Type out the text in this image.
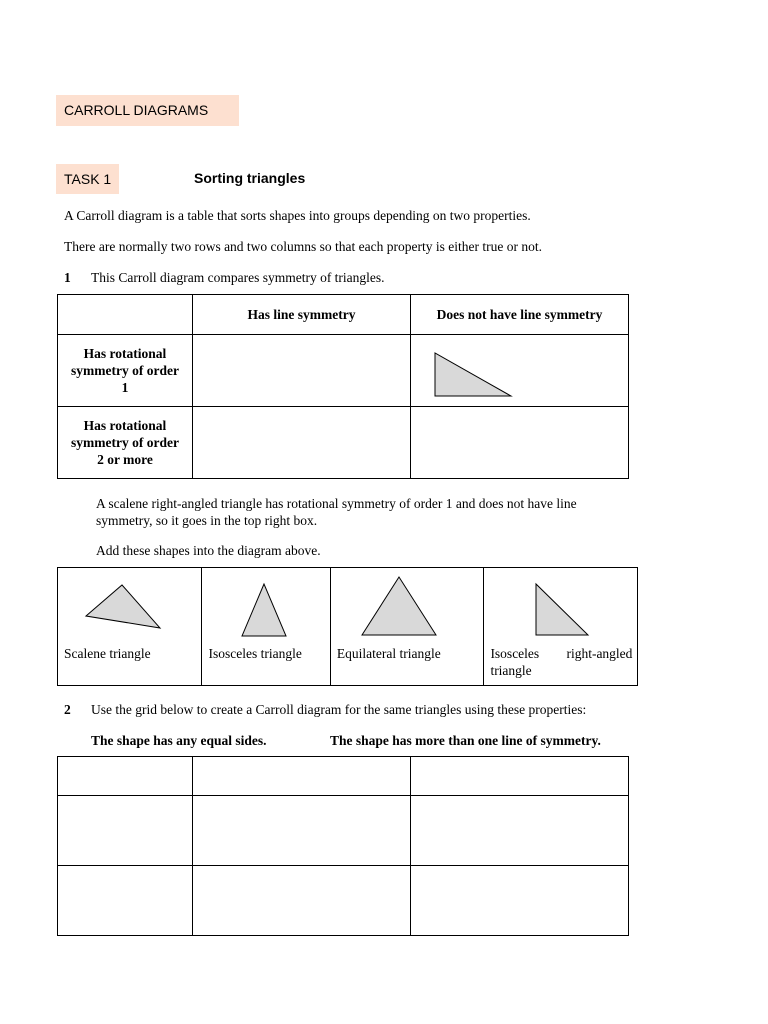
CARROLL DIAGRAMS
TASK 1	Sorting triangles
A Carroll diagram is a table that sorts shapes into groups depending on two properties.
There are normally two rows and two columns so that each property is either true or not.
1 This Carroll diagram compares symmetry of triangles.
	Has line symmetry	Does not have line symmetry

Has rotational symmetry of order 1

Has rotational symmetry of order 2 or more		

A scalene right-angled triangle has rotational symmetry of order 1 and does not have line symmetry, so it goes in the top right box.
Add these shapes into the diagram above.
Scalene triangle	Isosceles triangle	Equilateral triangle	Isosceles right-angled triangle
2 Use the grid below to create a Carroll diagram for the same triangles using these properties:
The shape has any equal sides.	The shape has more than one line of symmetry.
